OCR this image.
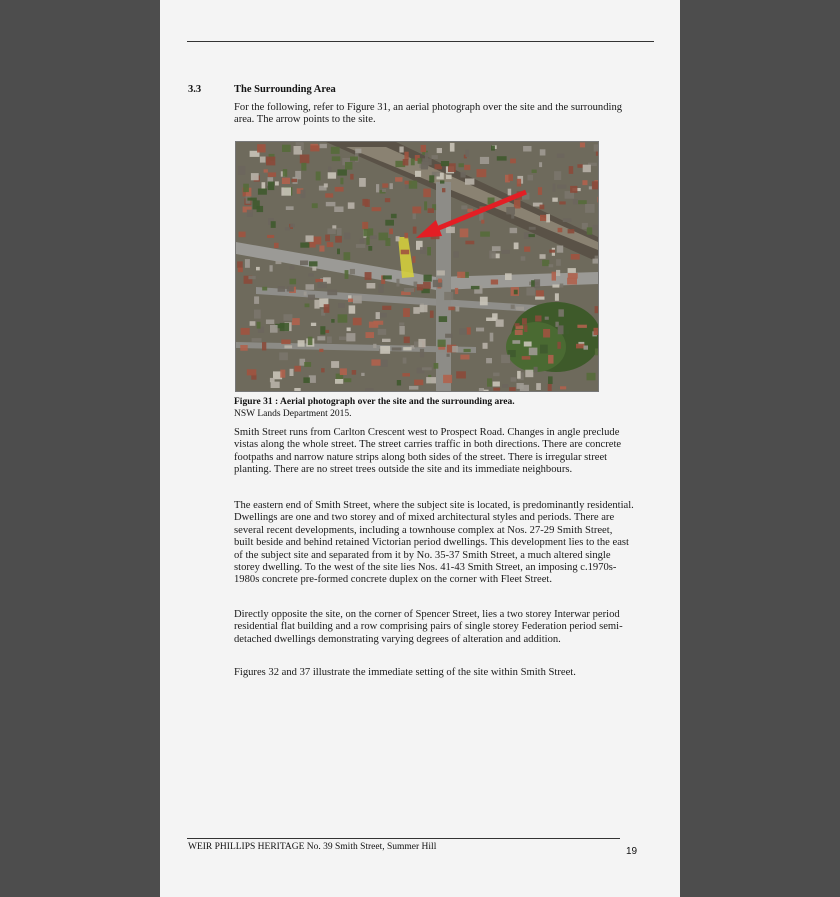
3.3	The Surrounding Area

For the following, refer to Figure 31, an aerial photograph over the site and the surrounding area. The arrow points to the site.

Figure 31 : Aerial photograph over the site and the surrounding area.
NSW Lands Department 2015.

Smith Street runs from Carlton Crescent west to Prospect Road. Changes in angle preclude vistas along the whole street. The street carries traffic in both directions. There are concrete footpaths and narrow nature strips along both sides of the street. There is irregular street planting. There are no street trees outside the site and its immediate neighbours.

The eastern end of Smith Street, where the subject site is located, is predominantly residential. Dwellings are one and two storey and of mixed architectural styles and periods. There are several recent developments, including a townhouse complex at Nos. 27-29 Smith Street, built beside and behind retained Victorian period dwellings. This development lies to the east of the subject site and separated from it by No. 35-37 Smith Street, a much altered single storey dwelling. To the west of the site lies Nos. 41-43 Smith Street, an imposing c.1970s-1980s concrete pre-formed concrete duplex on the corner with Fleet Street.

Directly opposite the site, on the corner of Spencer Street, lies a two storey Interwar period residential flat building and a row comprising pairs of single storey Federation period semi-detached dwellings demonstrating varying degrees of alteration and addition.

Figures 32 and 37 illustrate the immediate setting of the site within Smith Street.

WEIR PHILLIPS HERITAGE No. 39 Smith Street, Summer Hill	19
